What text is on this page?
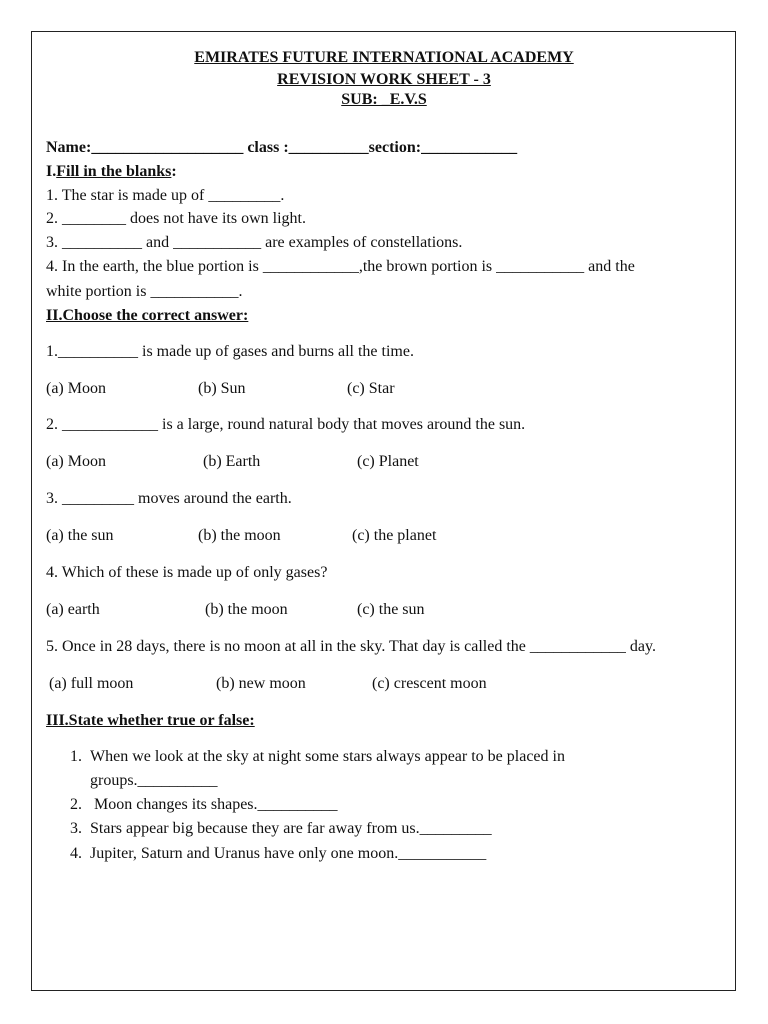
EMIRATES FUTURE INTERNATIONAL ACADEMY
REVISION WORK SHEET - 3
SUB: _E.V.S
Name:___________________ class :__________section:____________
I.Fill in the blanks:
1. The star is made up of _________.
2. ________ does not have its own light.
3. __________ and ___________ are examples of constellations.
4. In the earth, the blue portion is ____________,the brown portion is ___________ and the
white portion is ___________.
II.Choose the correct answer:
1.__________ is made up of gases and burns all the time.
(a) Moon	(b) Sun	(c) Star
2. ____________ is a large, round natural body that moves around the sun.
(a) Moon	(b) Earth	(c) Planet
3. _________ moves around the earth.
(a) the sun	(b) the moon	(c) the planet
4. Which of these is made up of only gases?
(a) earth	(b) the moon	(c) the sun
5. Once in 28 days, there is no moon at all in the sky. That day is called the ____________ day.
(a) full moon	(b) new moon	(c) crescent moon
III.State whether true or false:
1. When we look at the sky at night some stars always appear to be placed in
groups.__________
2. Moon changes its shapes.__________
3. Stars appear big because they are far away from us._________
4. Jupiter, Saturn and Uranus have only one moon.___________
